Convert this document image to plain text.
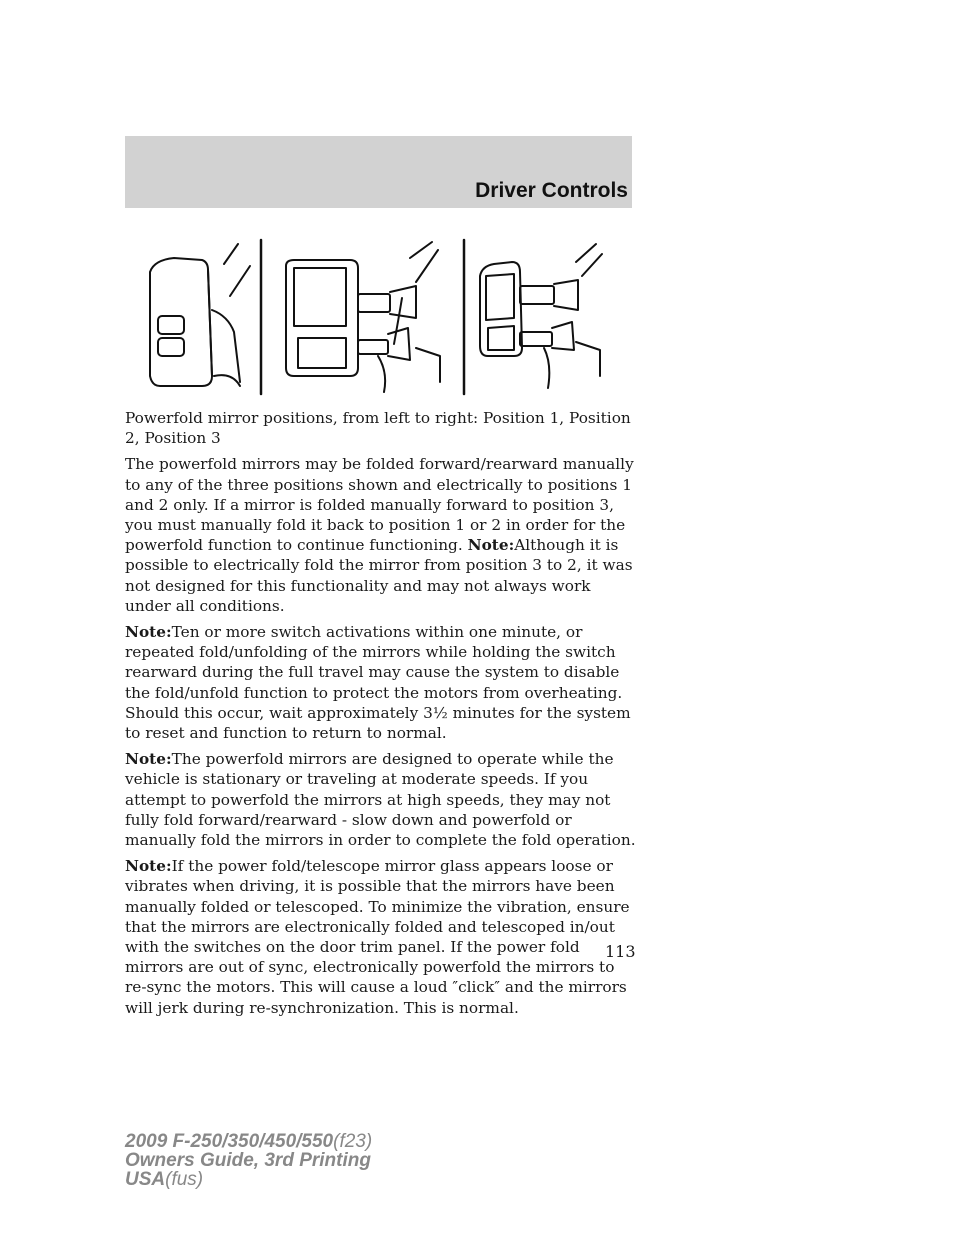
Driver Controls

Powerfold mirror positions, from left to right: Position 1, Position 2, Position 3

The powerfold mirrors may be folded forward/rearward manually to any of the three positions shown and electrically to positions 1 and 2 only. If a mirror is folded manually forward to position 3, you must manually fold it back to position 1 or 2 in order for the powerfold function to continue functioning. Note:Although it is possible to electrically fold the mirror from position 3 to 2, it was not designed for this functionality and may not always work under all conditions.

Note:Ten or more switch activations within one minute, or repeated fold/unfolding of the mirrors while holding the switch rearward during the full travel may cause the system to disable the fold/unfold function to protect the motors from overheating. Should this occur, wait approximately 3½ minutes for the system to reset and function to return to normal.

Note:The powerfold mirrors are designed to operate while the vehicle is stationary or traveling at moderate speeds. If you attempt to powerfold the mirrors at high speeds, they may not fully fold forward/rearward - slow down and powerfold or manually fold the mirrors in order to complete the fold operation.

Note:If the power fold/telescope mirror glass appears loose or vibrates when driving, it is possible that the mirrors have been manually folded or telescoped. To minimize the vibration, ensure that the mirrors are electronically folded and telescoped in/out with the switches on the door trim panel. If the power fold mirrors are out of sync, electronically powerfold the mirrors to re-sync the motors. This will cause a loud ″click″ and the mirrors will jerk during re-synchronization. This is normal.

113
2009 F-250/350/450/550(f23)
Owners Guide, 3rd Printing
USA(fus)
